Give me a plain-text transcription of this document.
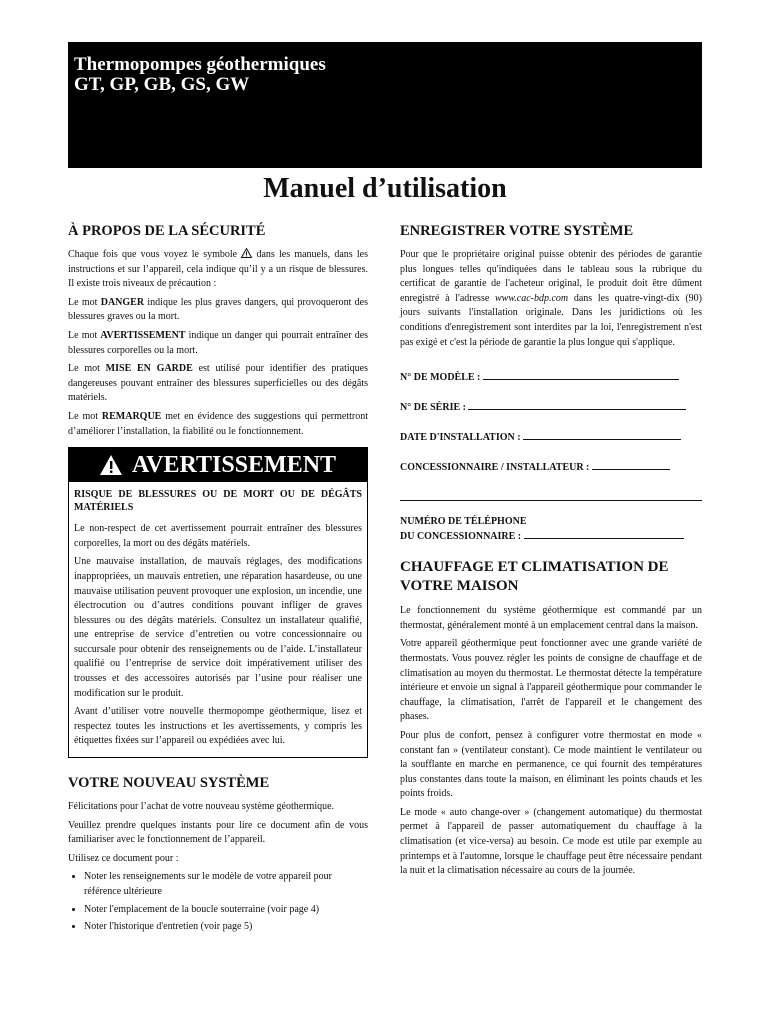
Thermopompes géothermiques
GT, GP, GB, GS, GW
Manuel d’utilisation
À PROPOS DE LA SÉCURITÉ

Chaque fois que vous voyez le symbole dans les manuels, dans les instructions et sur l’appareil, cela indique qu’il y a un risque de blessures. Il existe trois niveaux de précaution :

Le mot DANGER indique les plus graves dangers, qui provoqueront des blessures graves ou la mort.

Le mot AVERTISSEMENT indique un danger qui pourrait entraîner des blessures corporelles ou la mort.

Le mot MISE EN GARDE est utilisé pour identifier des pratiques dangereuses pouvant entraîner des blessures superficielles ou des dégâts matériels.

Le mot REMARQUE met en évidence des suggestions qui permettront d’améliorer l’installation, la fiabilité ou le fonctionnement.

AVERTISSEMENT
RISQUE DE BLESSURES OU DE MORT OU DE DÉGÂTS MATÉRIELS

Le non-respect de cet avertissement pourrait entraîner des blessures corporelles, la mort ou des dégâts matériels.

Une mauvaise installation, de mauvais réglages, des modifications inappropriées, un mauvais entretien, une réparation hasardeuse, ou une mauvaise utilisation peuvent provoquer une explosion, un incendie, une électrocution ou d’autres conditions pouvant infliger de graves blessures ou des dégâts matériels. Consultez un installateur qualifié, une entreprise de service d’entretien ou votre concessionnaire ou succursale pour obtenir des renseignements ou de l’aide. L’installateur qualifié ou l’entreprise de service doit impérativement utiliser des trousses et des accessoires autorisés par l’usine pour réaliser une modification sur le produit.

Avant d’utiliser votre nouvelle thermopompe géothermique, lisez et respectez toutes les instructions et les avertissements, y compris les étiquettes fixées sur l’appareil ou expédiées avec lui.

VOTRE NOUVEAU SYSTÈME

Félicitations pour l’achat de votre nouveau système géothermique.

Veuillez prendre quelques instants pour lire ce document afin de vous familiariser avec le fonctionnement de l’appareil.

Utilisez ce document pour :

• Noter les renseignements sur le modèle de votre appareil pour référence ultérieure
• Noter l'emplacement de la boucle souterraine (voir page 4)
• Noter l'historique d'entretien (voir page 5)
ENREGISTRER VOTRE SYSTÈME

Pour que le propriétaire original puisse obtenir des périodes de garantie plus longues telles qu'indiquées dans le tableau sous la rubrique du certificat de garantie de l'acheteur original, le produit doit être dûment enregistré à l'adresse www.cac-bdp.com dans les quatre-vingt-dix (90) jours suivants l'installation originale. Dans les juridictions où les conditions d'enregistrement sont interdites par la loi, l'enregistrement n'est pas exigé et c'est la période de garantie la plus longue qui s'applique.

N° DE MODÈLE :
N° DE SÉRIE :
DATE D'INSTALLATION :
CONCESSIONNAIRE / INSTALLATEUR :
NUMÉRO DE TÉLÉPHONE
DU CONCESSIONNAIRE :
CHAUFFAGE ET CLIMATISATION DE VOTRE MAISON

Le fonctionnement du système géothermique est commandé par un thermostat, généralement monté à un emplacement central dans la maison.

Votre appareil géothermique peut fonctionner avec une grande variété de thermostats. Vous pouvez régler les points de consigne de chauffage et de climatisation au moyen du thermostat. Le thermostat détecte la température intérieure et envoie un signal à l'appareil géothermique pour commander le chauffage, la climatisation, l'arrêt de l'appareil et le changement des phases.

Pour plus de confort, pensez à configurer votre thermostat en mode « constant fan » (ventilateur constant). Ce mode maintient le ventilateur ou la soufflante en marche en permanence, ce qui fournit des températures plus constantes dans toute la maison, en éliminant les points chauds et les points froids.

Le mode « auto change-over » (changement automatique) du thermostat permet à l'appareil de passer automatiquement du chauffage à la climatisation (et vice-versa) au besoin. Ce mode est utile par exemple au printemps et à l'automne, lorsque le chauffage peut être nécessaire pendant la nuit et la climatisation nécessaire au cours de la journée.
